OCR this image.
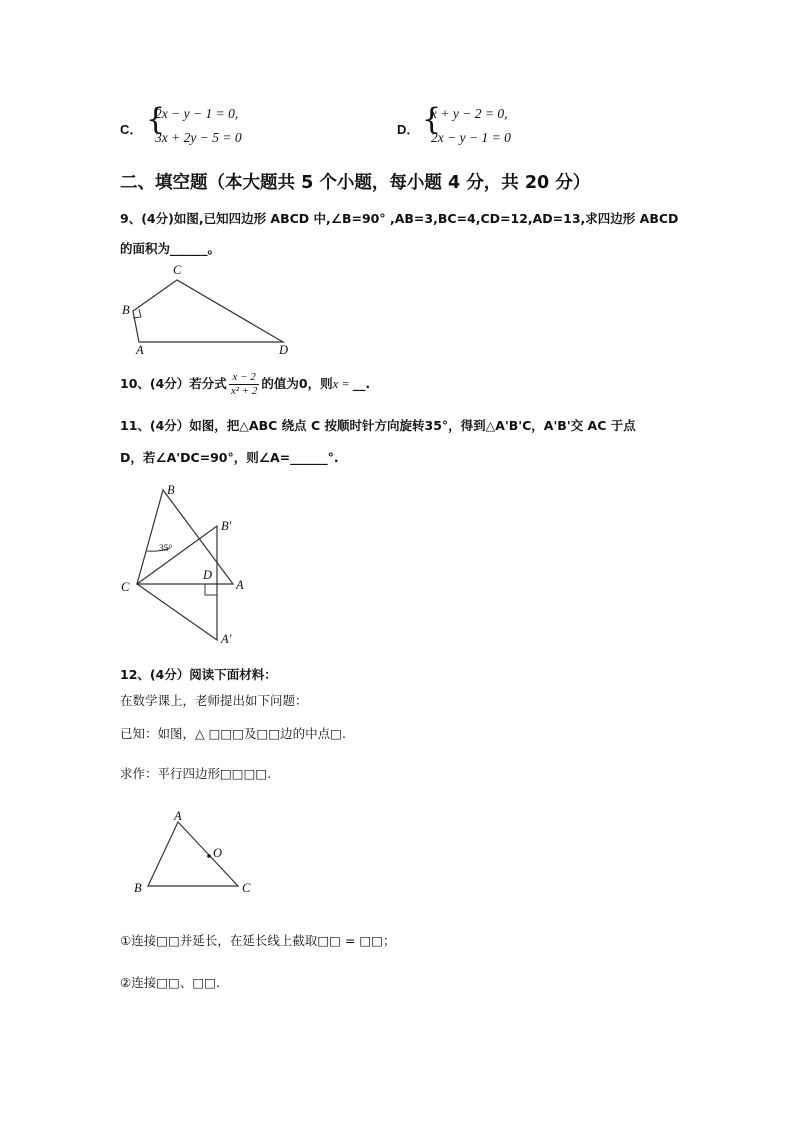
C． {
2x − y − 1 = 0,
3x + 2y − 5 = 0
D． {
x + y − 2 = 0,
2x − y − 1 = 0
二、填空题（本大题共 5 个小题，每小题 4 分，共 20 分）
9、(4分)如图,已知四边形 ABCD 中,∠B=90° ,AB=3,BC=4,CD=12,AD=13,求四边形 ABCD
的面积为______。
A
B
C
D
10、(4分）若分式 $\frac{x - 2}{\text{x² + 2}}$ 的值为0，则x = __.
11、(4分）如图，把△ABC 绕点 C 按顺时针方向旋转35°，得到△A'B'C，A'B'交 AC 于点
D，若∠A'DC=90°，则∠A=______°.
B
B′
C
D
A
A′
35°
12、(4分）阅读下面材料：
在数学课上，老师提出如下问题：
已知：如图，△ □□□及□□边的中点□.
求作：平行四边形□□□□.
A
B	C
O
①连接□□并延长，在延长线上截取□□ = □□；
②连接□□、□□.
